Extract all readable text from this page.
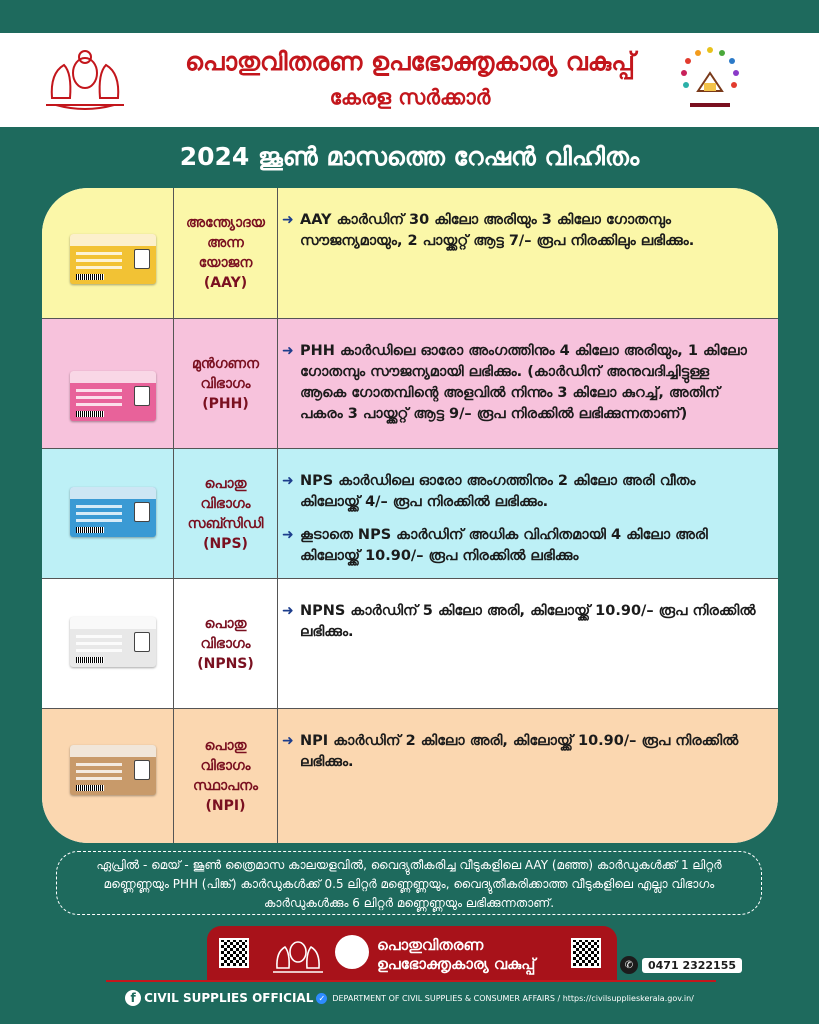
പൊതുവിതരണ ഉപഭോക്തൃകാര്യ വകുപ്പ്
കേരള സർക്കാർ
2024 ജൂൺ മാസത്തെ റേഷൻ വിഹിതം
അന്ത്യോദയ അന്ന യോജന (AAY)
➜ AAY കാർഡിന് 30 കിലോ അരിയും 3 കിലോ ഗോതമ്പും സൗജന്യമായും, 2 പായ്ക്കറ്റ് ആട്ട 7/– രൂപ നിരക്കിലും ലഭിക്കും.
മുൻഗണന വിഭാഗം (PHH)
➜ PHH കാർഡിലെ ഓരോ അംഗത്തിനും 4 കിലോ അരിയും, 1 കിലോ ഗോതമ്പും സൗജന്യമായി ലഭിക്കും. (കാർഡിന് അനുവദിച്ചിട്ടുള്ള ആകെ ഗോതമ്പിന്റെ അളവിൽ നിന്നും 3 കിലോ കുറച്ച്, അതിന് പകരം 3 പായ്ക്കറ്റ് ആട്ട 9/– രൂപ നിരക്കിൽ ലഭിക്കുന്നതാണ്)
പൊതു വിഭാഗം സബ്സിഡി (NPS)
➜ NPS കാർഡിലെ ഓരോ അംഗത്തിനും 2 കിലോ അരി വീതം കിലോയ്ക്ക് 4/– രൂപ നിരക്കിൽ ലഭിക്കും.
➜ കൂടാതെ NPS കാർഡിന് അധിക വിഹിതമായി 4 കിലോ അരി കിലോയ്ക്ക് 10.90/– രൂപ നിരക്കിൽ ലഭിക്കും
പൊതു വിഭാഗം (NPNS)
➜ NPNS കാർഡിന് 5 കിലോ അരി, കിലോയ്ക്ക് 10.90/– രൂപ നിരക്കിൽ ലഭിക്കും.
പൊതു വിഭാഗം സ്ഥാപനം (NPI)
➜ NPI കാർഡിന് 2 കിലോ അരി, കിലോയ്ക്ക് 10.90/– രൂപ നിരക്കിൽ ലഭിക്കും.
ഏപ്രിൽ - മെയ് - ജൂൺ ത്രൈമാസ കാലയളവിൽ, വൈദ്യുതീകരിച്ച വീടുകളിലെ AAY (മഞ്ഞ) കാർഡുകൾക്ക് 1 ലിറ്റർ മണ്ണെണ്ണയും PHH (പിങ്ക്) കാർഡുകൾക്ക് 0.5 ലിറ്റർ മണ്ണെണ്ണയും, വൈദ്യുതീകരിക്കാത്ത വീടുകളിലെ എല്ലാ വിഭാഗം കാർഡുകൾക്കും 6 ലിറ്റർ മണ്ണെണ്ണയും ലഭിക്കുന്നതാണ്.
പൊതുവിതരണ
ഉപഭോക്തൃകാര്യ വകുപ്പ്	✆	0471 2322155
f CIVIL SUPPLIES OFFICIAL ✓ DEPARTMENT OF CIVIL SUPPLIES & CONSUMER AFFAIRS / https://civilsupplieskerala.gov.in/
